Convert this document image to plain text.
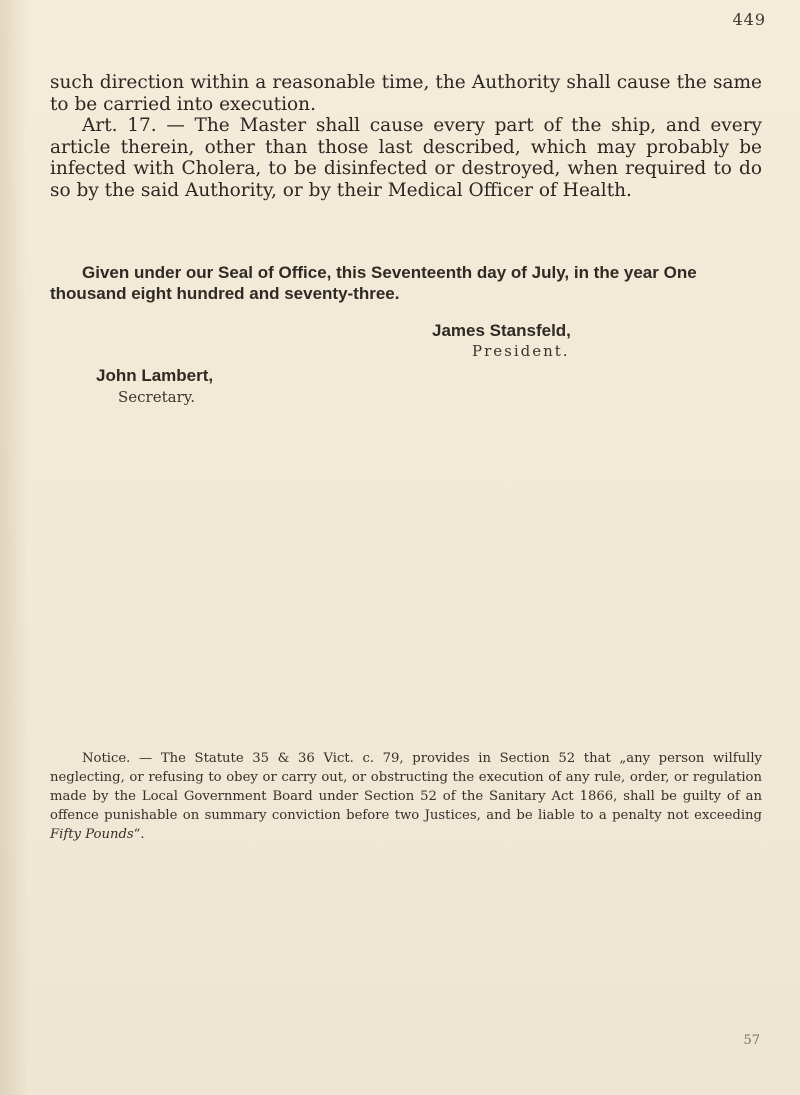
449

such direction within a reasonable time, the Authority shall cause the same to be carried into execution.

Art. 17. — The Master shall cause every part of the ship, and every article therein, other than those last described, which may probably be infected with Cholera, to be disinfected or destroyed, when required to do so by the said Authority, or by their Medical Officer of Health.

Given under our Seal of Office, this Seventeenth day of July, in the year One thousand eight hundred and seventy-three.

James Stansfeld,
President.
John Lambert,
Secretary.

Notice. — The Statute 35 & 36 Vict. c. 79, provides in Section 52 that „any person wilfully neglecting, or refusing to obey or carry out, or obstructing the execution of any rule, order, or regulation made by the Local Government Board under Section 52 of the Sanitary Act 1866, shall be guilty of an offence punishable on summary conviction before two Justices, and be liable to a penalty not exceeding Fifty Pounds“.

57
